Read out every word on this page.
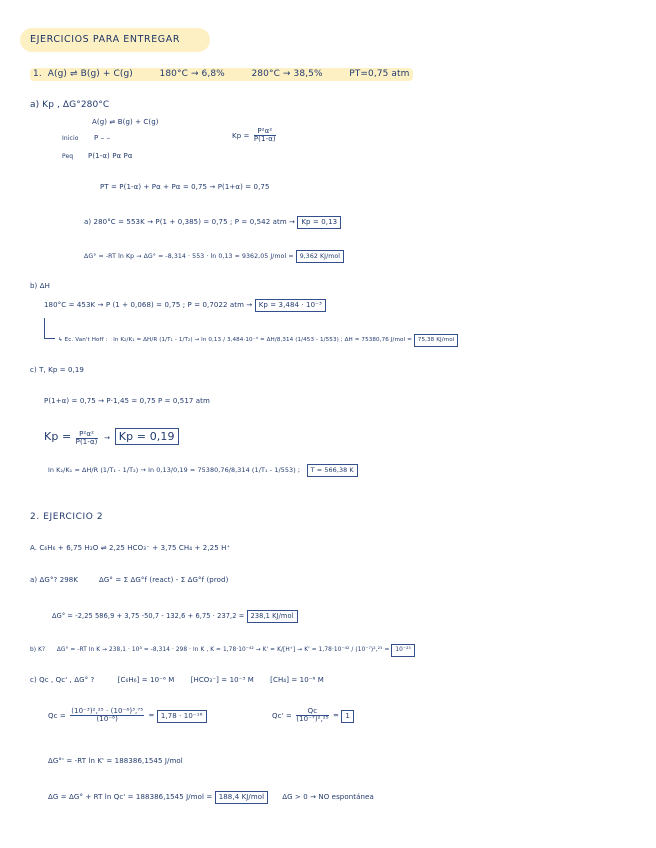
EJERCICIOS PARA ENTREGAR
1. A(g) ⇌ B(g) + C(g)	180°C → 6,8%	280°C → 38,5%	PT=0,75 atm
a) Kp , ΔG°280°C
A(g) ⇌ B(g) + C(g)
Inicio P – –
Peq P(1-α) Pα Pα
$Kp = \frac{\text{P²α²}}{P(1-\alpha)}$
PT = P(1-α) + Pα + Pα = 0,75 → P(1+α) = 0,75
a) 280°C = 553K → P(1 + 0,385) = 0,75 ; P = 0,542 atm → Kp = 0,13
ΔG° = -RT ln Kp → ΔG° = -8,314 · 553 · ln 0,13 = 9362,05 J/mol = 9,362 KJ/mol
b) ΔH
180°C = 453K → P (1 + 0,068) = 0,75 ; P = 0,7022 atm → Kp = 3,484 · 10⁻³
↳ Ec. Van't Hoff : ln K₂/K₁ = ΔH/R (1/T₁ - 1/T₂) → ln 0,13 / 3,484·10⁻³ = ΔH/8,314 (1/453 - 1/553) ; ΔH = 75380,76 J/mol = 75,38 KJ/mol
c) T, Kp = 0,19
P(1+α) = 0,75 → P·1,45 = 0,75 P = 0,517 atm
$Kp = \frac{\text{P²α²}}{P(1-\alpha)} \to Kp = 0,19$
ln K₂/K₁ = ΔH/R (1/T₁ - 1/T₂) → ln 0,13/0,19 = 75380,76/8,314 (1/T₁ - 1/553) ; T = 566,38 K
2. EJERCICIO 2
A. C₆H₆ + 6,75 H₂O ⇌ 2,25 HCO₃⁻ + 3,75 CH₄ + 2,25 H⁺
a) ΔG°? 298K	ΔG° = Σ ΔG°f (react) - Σ ΔG°f (prod)
ΔG° = -2,25 586,9 + 3,75 -50,7 - 132,6 + 6,75 · 237,2 = 238,1 KJ/mol
b) K? ΔG° = -RT ln K → 238,1 · 10³ = -8,314 · 298 · ln K , K = 1,78·10⁻⁴² → K' = K/[H⁺] → K' = 1,78·10⁻⁴² / (10⁻⁷)²,²⁵ = 10⁻²⁵
c) Qc , Qc' , ΔG° ?	[C₆H₆] = 10⁻⁶ M [HCO₃⁻] = 10⁻³ M [CH₄] = 10⁻⁶ M
$Qc = \frac{\text{(10⁻³)²,²⁵ · (10⁻⁶)³,⁷⁵}}{\text{(10⁻⁶)}} = 1,78 \cdot 10^{-16}$	$Qc' = \frac{Qc}{\text{(10⁻⁷)²,²⁵}} = 1$
ΔG°' = -RT ln K' = 188386,1545 J/mol
ΔG = ΔG° + RT ln Qc' = 188386,1545 J/mol = 188,4 KJ/mol	ΔG > 0 → NO espontánea
